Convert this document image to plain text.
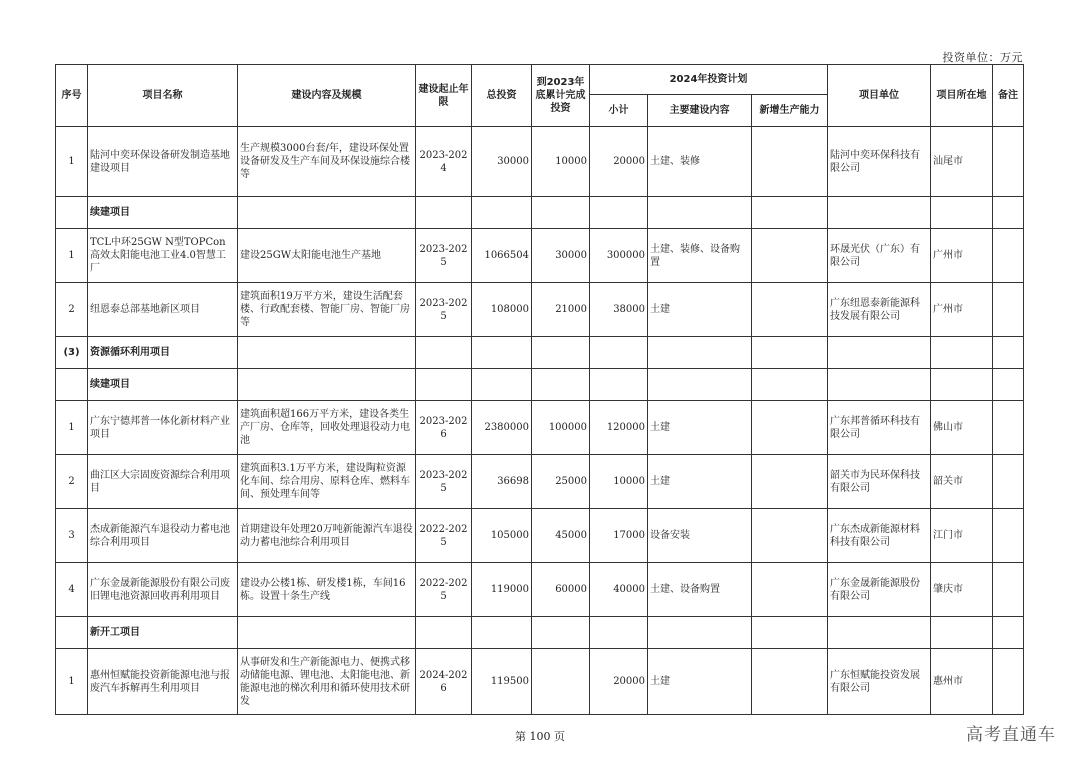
投资单位：万元
序号	项目名称	建设内容及规模	建设起止年限	总投资	到2023年底累计完成投资	2024年投资计划			项目单位	项目所在地	备注
						小计	主要建设内容	新增生产能力			
1	陆河中奕环保设备研发制造基地建设项目	生产规模3000台套/年，建设环保处置设备研发及生产车间及环保设施综合楼等	2023-2024	30000	10000	20000	土建、装修		陆河中奕环保科技有限公司	汕尾市	
	续建项目										
1	TCL中环25GW N型TOPCon高效太阳能电池工业4.0智慧工厂	建设25GW太阳能电池生产基地	2023-2025	1066504	30000	300000	土建、装修、设备购置		环晟光伏（广东）有限公司	广州市	
2	纽恩泰总部基地新区项目	建筑面积19万平方米，建设生活配套楼、行政配套楼、智能厂房、智能厂房等	2023-2025	108000	21000	38000	土建		广东纽恩泰新能源科技发展有限公司	广州市	
(3)	资源循环利用项目										
	续建项目										
1	广东宁德邦普一体化新材料产业项目	建筑面积超166万平方米，建设各类生产厂房、仓库等，回收处理退役动力电池	2023-2026	2380000	100000	120000	土建		广东邦普循环科技有限公司	佛山市	
2	曲江区大宗固废资源综合利用项目	建筑面积3.1万平方米，建设陶粒资源化车间、综合用房、原料仓库、燃料车间、预处理车间等	2023-2025	36698	25000	10000	土建		韶关市为民环保科技有限公司	韶关市	
3	杰成新能源汽车退役动力蓄电池综合利用项目	首期建设年处理20万吨新能源汽车退役动力蓄电池综合利用项目	2022-2025	105000	45000	17000	设备安装		广东杰成新能源材料科技有限公司	江门市	
4	广东金晟新能源股份有限公司废旧锂电池资源回收再利用项目	建设办公楼1栋、研发楼1栋，车间16栋。设置十条生产线	2022-2025	119000	60000	40000	土建、设备购置		广东金晟新能源股份有限公司	肇庆市	
	新开工项目										
1	惠州恒赋能投资新能源电池与报废汽车拆解再生利用项目	从事研发和生产新能源电力、便携式移动储能电源、锂电池、太阳能电池、新能源电池的梯次利用和循环使用技术研发	2024-2026	119500		20000	土建		广东恒赋能投资发展有限公司	惠州市	
第 100 页	高考直通车
